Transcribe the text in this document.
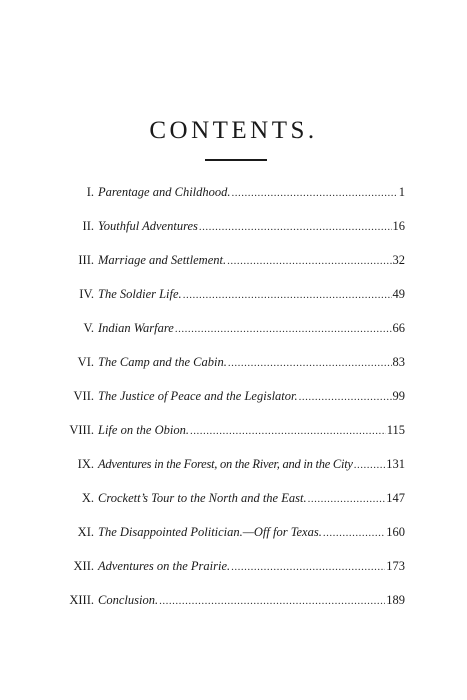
CONTENTS.
I. Parentage and Childhood. .....	1
II. Youthful Adventures .....	16
III. Marriage and Settlement. .....	32
IV. The Soldier Life. .....	49
V. Indian Warfare .....	66
VI. The Camp and the Cabin. .....	83
VII. The Justice of Peace and the Legislator. .....	99
VIII. Life on the Obion. .....	115
IX. Adventures in the Forest, on the River, and in the City .....	131
X. Crockett’s Tour to the North and the East. .....	147
XI. The Disappointed Politician.—Off for Texas. .....	160
XII. Adventures on the Prairie. .....	173
XIII. Conclusion. .....	189
